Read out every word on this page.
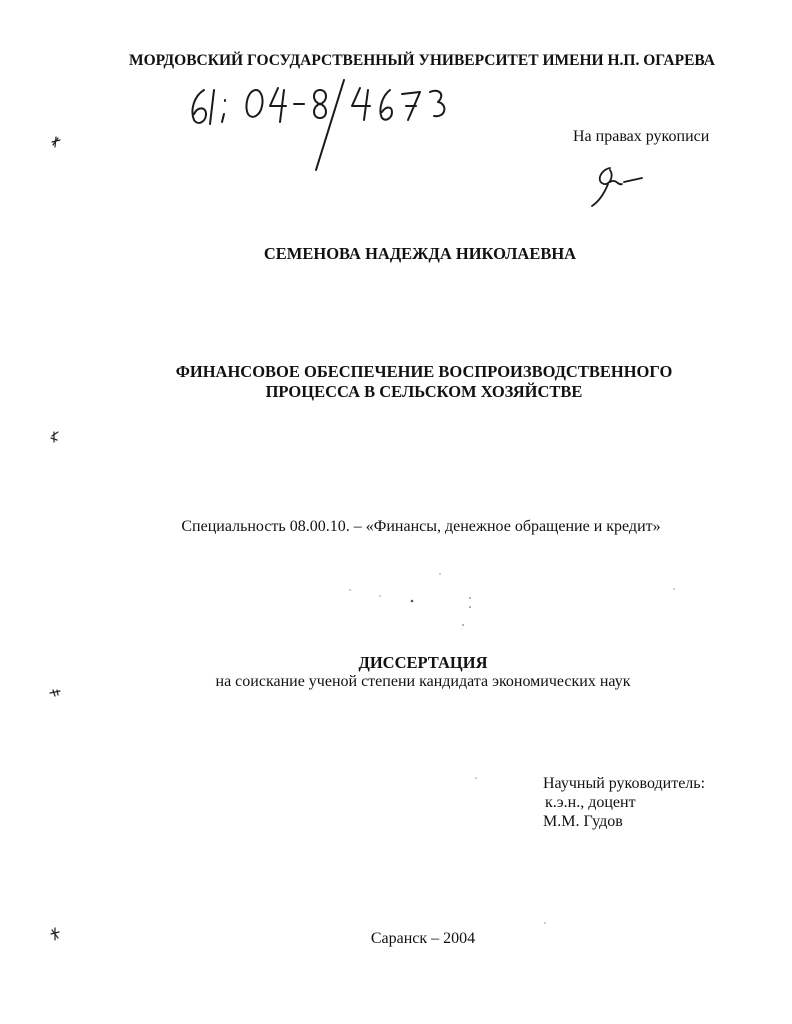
МОРДОВСКИЙ ГОСУДАРСТВЕННЫЙ УНИВЕРСИТЕТ ИМЕНИ Н.П. ОГАРЕВА
На правах рукописи
СЕМЕНОВА НАДЕЖДА НИКОЛАЕВНА
ФИНАНСОВОЕ ОБЕСПЕЧЕНИЕ ВОСПРОИЗВОДСТВЕННОГО
ПРОЦЕССА В СЕЛЬСКОМ ХОЗЯЙСТВЕ
Специальность 08.00.10. – «Финансы, денежное обращение и кредит»
ДИССЕРТАЦИЯ
на соискание ученой степени кандидата экономических наук
Научный руководитель:
к.э.н., доцент
М.М. Гудов
Саранск – 2004
